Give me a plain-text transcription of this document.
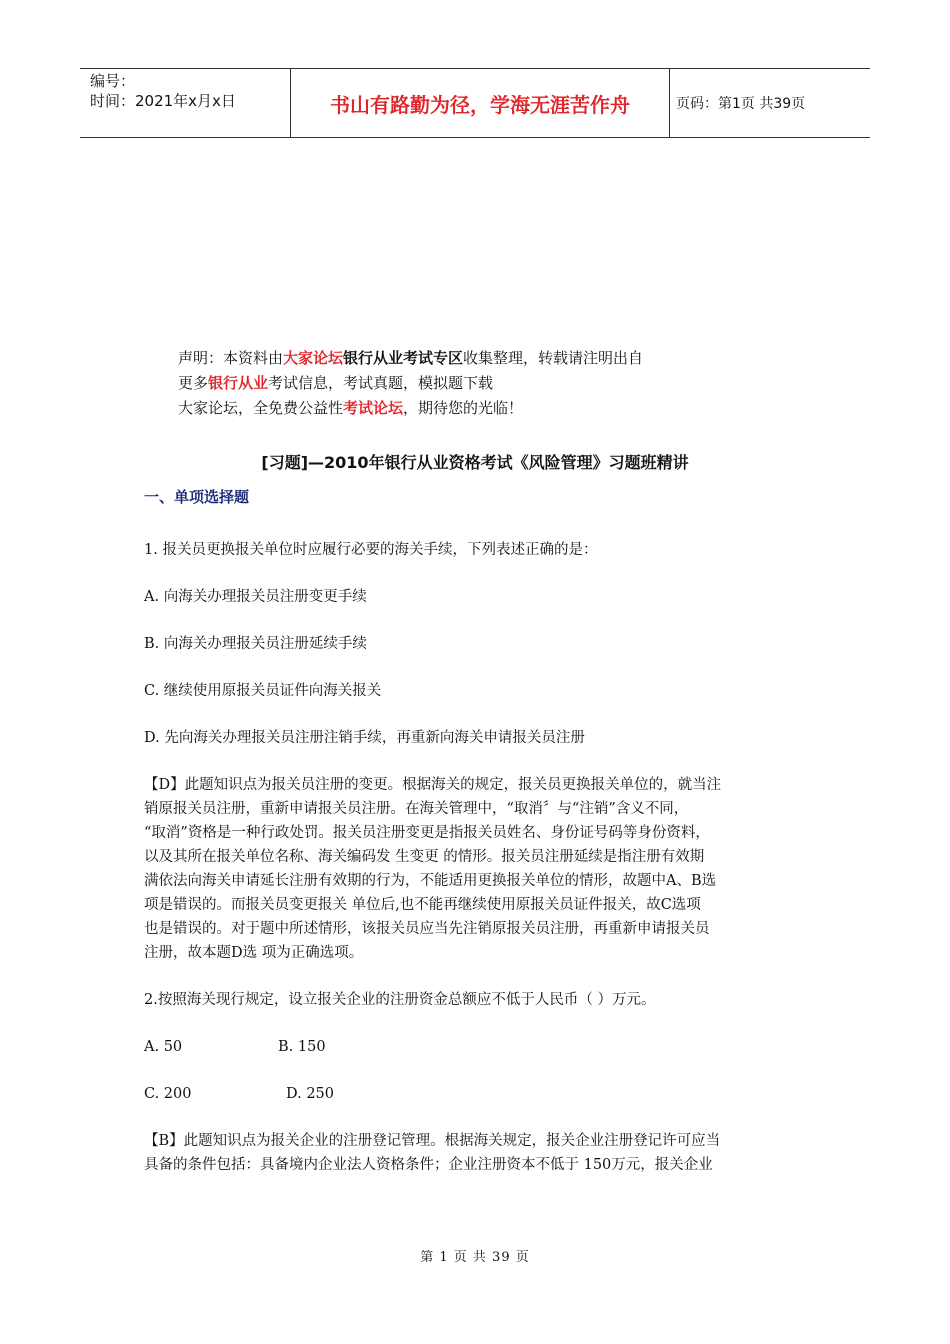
编号：
时间：2021年x月x日	书山有路勤为径，学海无涯苦作舟	页码：第1页 共39页
声明：本资料由大家论坛银行从业考试专区收集整理，转载请注明出自
更多银行从业考试信息，考试真题，模拟题下载
大家论坛，全免费公益性考试论坛，期待您的光临！
[习题]—2010年银行从业资格考试《风险管理》习题班精讲
一、单项选择题
1. 报关员更换报关单位时应履行必要的海关手续，下列表述正确的是：
A. 向海关办理报关员注册变更手续
B. 向海关办理报关员注册延续手续
C. 继续使用原报关员证件向海关报关
D. 先向海关办理报关员注册注销手续，再重新向海关申请报关员注册
【D】此题知识点为报关员注册的变更。根据海关的规定，报关员更换报关单位的，就当注
销原报关员注册，重新申请报关员注册。在海关管理中，“取消〞与“注销”含义不同，
“取消”资格是一种行政处罚。报关员注册变更是指报关员姓名、身份证号码等身份资料，
以及其所在报关单位名称、海关编码发 生变更 的情形。报关员注册延续是指注册有效期
满依法向海关申请延长注册有效期的行为，不能适用更换报关单位的情形，故题中A、B选
项是错误的。而报关员变更报关 单位后,也不能再继续使用原报关员证件报关，故C选项
也是错误的。对于题中所述情形，该报关员应当先注销原报关员注册，再重新申请报关员
注册，故本题D选 项为正确选项。
2.按照海关现行规定，设立报关企业的注册资金总额应不低于人民币（ ）万元。
A. 50	B. 150
C. 200	D. 250
【B】此题知识点为报关企业的注册登记管理。根据海关规定，报关企业注册登记许可应当
具备的条件包括：具备境内企业法人资格条件；企业注册资本不低于 150万元，报关企业
第 1 页 共 39 页
